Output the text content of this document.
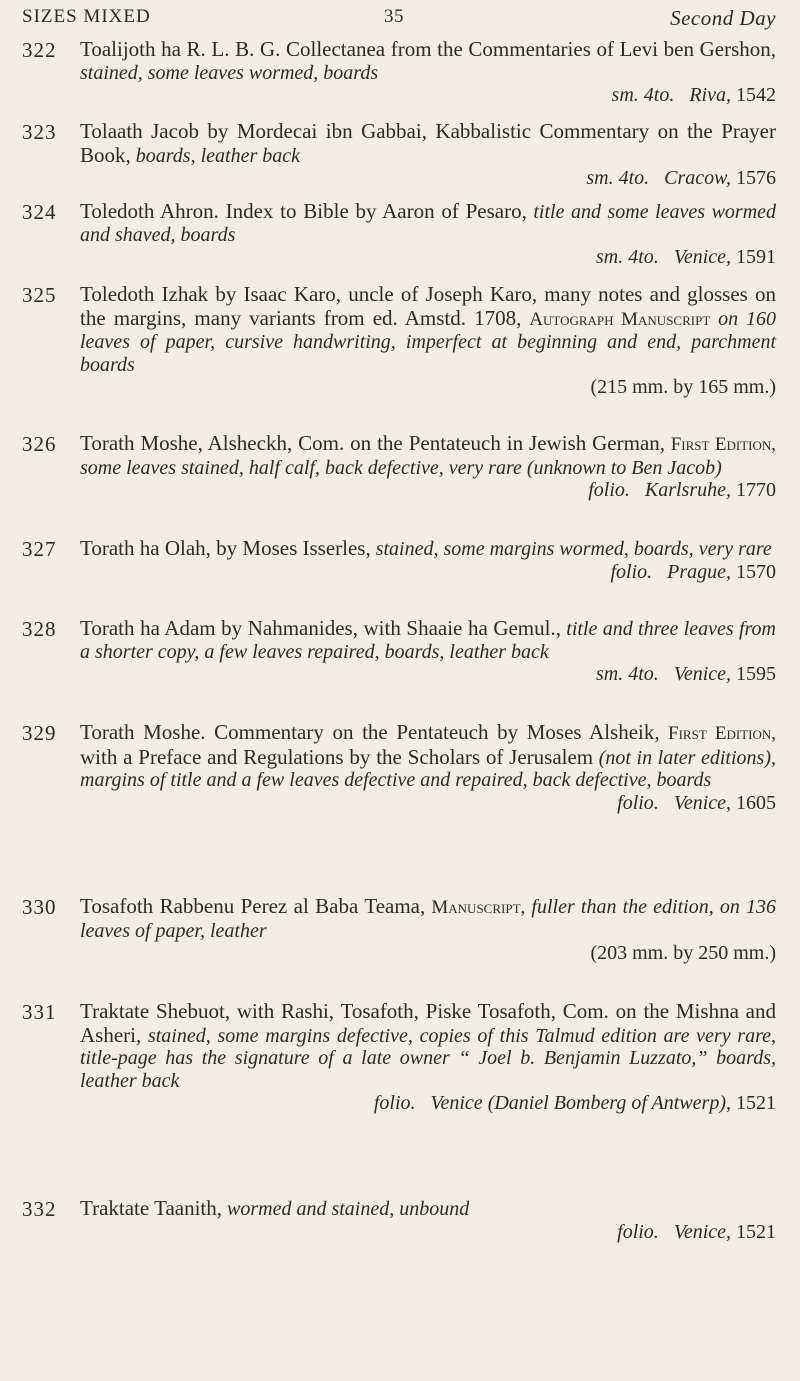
SIZES MIXED	35	Second Day
322 Toalijoth ha R. L. B. G. Collectanea from the Commentaries of Levi ben Gershon, stained, some leaves wormed, boards
sm. 4to. Riva, 1542
323 Tolaath Jacob by Mordecai ibn Gabbai, Kabbalistic Commentary on the Prayer Book, boards, leather back
sm. 4to. Cracow, 1576
324 Toledoth Ahron. Index to Bible by Aaron of Pesaro, title and some leaves wormed and shaved, boards
sm. 4to. Venice, 1591
325 Toledoth Izhak by Isaac Karo, uncle of Joseph Karo, many notes and glosses on the margins, many variants from ed. Amstd. 1708, Autograph Manuscript on 160 leaves of paper, cursive handwriting, imperfect at beginning and end, parchment boards
(215 mm. by 165 mm.)
326 Torath Moshe, Alsheckh, Com. on the Pentateuch in Jewish German, First Edition, some leaves stained, half calf, back defective, very rare (unknown to Ben Jacob)
folio. Karlsruhe, 1770
327 Torath ha Olah, by Moses Isserles, stained, some margins wormed, boards, very rare
folio. Prague, 1570
328 Torath ha Adam by Nahmanides, with Shaaie ha Gemul., title and three leaves from a shorter copy, a few leaves repaired, boards, leather back
sm. 4to. Venice, 1595
329 Torath Moshe. Commentary on the Pentateuch by Moses Alsheik, First Edition, with a Preface and Regulations by the Scholars of Jerusalem (not in later editions), margins of title and a few leaves defective and repaired, back defective, boards
folio. Venice, 1605
330 Tosafoth Rabbenu Perez al Baba Teama, Manuscript, fuller than the edition, on 136 leaves of paper, leather
(203 mm. by 250 mm.)
331 Traktate Shebuot, with Rashi, Tosafoth, Piske Tosafoth, Com. on the Mishna and Asheri, stained, some margins defective, copies of this Talmud edition are very rare, title-page has the signature of a late owner “ Joel b. Benjamin Luzzato,” boards, leather back
folio. Venice (Daniel Bomberg of Antwerp), 1521
332 Traktate Taanith, wormed and stained, unbound
folio. Venice, 1521
